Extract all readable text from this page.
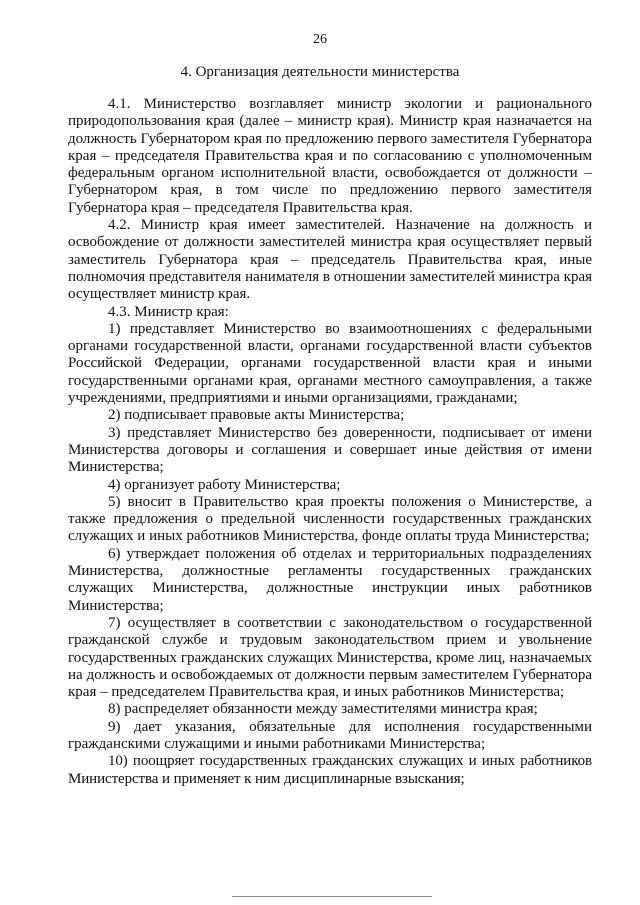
26
4. Организация деятельности министерства

4.1. Министерство возглавляет министр экологии и рационального природопользования края (далее – министр края). Министр края назначается на должность Губернатором края по предложению первого заместителя Губернатора края – председателя Правительства края и по согласованию с уполномоченным федеральным органом исполнительной власти, освобождается от должности – Губернатором края, в том числе по предложению первого заместителя Губернатора края – председателя Правительства края.

4.2. Министр края имеет заместителей. Назначение на должность и освобождение от должности заместителей министра края осуществляет первый заместитель Губернатора края – председатель Правительства края, иные полномочия представителя нанимателя в отношении заместителей министра края осуществляет министр края.

4.3. Министр края:

1) представляет Министерство во взаимоотношениях с федеральными органами государственной власти, органами государственной власти субъектов Российской Федерации, органами государственной власти края и иными государственными органами края, органами местного самоуправления, а также учреждениями, предприятиями и иными организациями, гражданами;

2) подписывает правовые акты Министерства;

3) представляет Министерство без доверенности, подписывает от имени Министерства договоры и соглашения и совершает иные действия от имени Министерства;

4) организует работу Министерства;

5) вносит в Правительство края проекты положения о Министерстве, а также предложения о предельной численности государственных гражданских служащих и иных работников Министерства, фонде оплаты труда Министерства;

6) утверждает положения об отделах и территориальных подразделениях Министерства, должностные регламенты государственных гражданских служащих Министерства, должностные инструкции иных работников Министерства;

7) осуществляет в соответствии с законодательством о государственной гражданской службе и трудовым законодательством прием и увольнение государственных гражданских служащих Министерства, кроме лиц, назначаемых на должность и освобождаемых от должности первым заместителем Губернатора края – председателем Правительства края, и иных работников Министерства;

8) распределяет обязанности между заместителями министра края;

9) дает указания, обязательные для исполнения государственными гражданскими служащими и иными работниками Министерства;

10) поощряет государственных гражданских служащих и иных работников Министерства и применяет к ним дисциплинарные взыскания;
